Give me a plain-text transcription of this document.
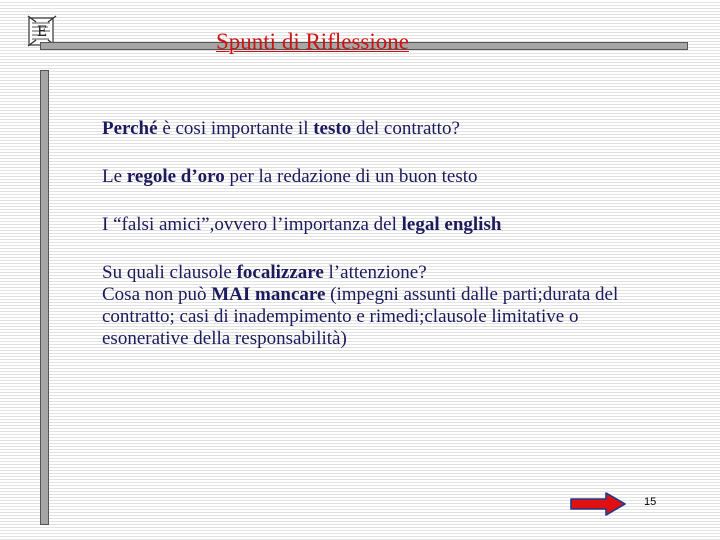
E	Spunti di Riflessione

Perché è cosi importante il testo del contratto?

Le regole d’oro per la redazione di un buon testo

I “falsi amici”,ovvero l’importanza del legal english

Su quali clausole focalizzare l’attenzione?

Cosa non può MAI mancare (impegni assunti dalle parti;durata del contratto; casi di inadempimento e rimedi;clausole limitative o esonerative della responsabilità)

15
